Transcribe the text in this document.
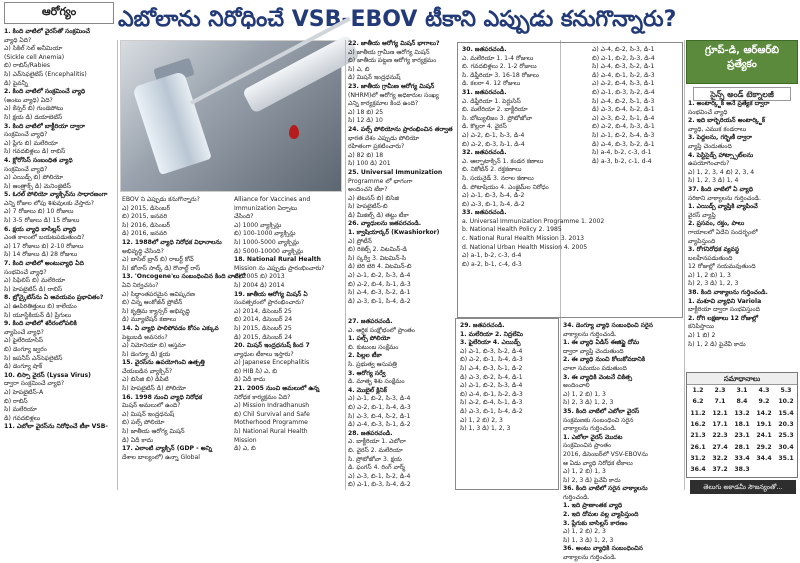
ఆరోగ్యం	ఎబోలాను నిరోధించే VSB-EBOV టీకాని ఎప్పుడు కనుగొన్నారు?
గ్రూప్-డి, ఆర్‌ఆర్‌బి
ప్రత్యేకం
సైన్స్ అండ్ టెక్నాలజీ

1. కింది వాటిలో వైరస్‌తో సంక్రమించే

వ్యాధి ఏది?

ఎ) సికిల్ సెల్ అనీమియా

(Sickle cell Anemia)

బి) రాబిస్/Rabies

సి) ఎన్‌సెఫలైటిస్ (Encephalitis)

డి) పైవన్నీ

2. కింది వాటిలో సంక్రమించే వ్యాధి

(అంటు వ్యాధి) ఏది?

ఎ) కేన్సర్ బి) గుండెపోటు

సి) క్షయ డి) డయాబెటిస్

3. కింది వాటిలో బాక్టీరియా ద్వారా

సంక్రమించే వ్యాధి?

ఎ) ప్లేగు బి) మలేరియా

సి) గవదబిళ్లలు డి) రాబిస్

4. క్లోరోసిస్ సంబంధిత వ్యాధి

సంక్రమించే వ్యాధి?

ఎ) ఎయిడ్స్ బి) పోలియో

సి) ఆంత్రాక్స్ డి) మెనింజైటిస్

5. ఓరల్ పోలియో వ్యాక్సిన్‌ను సాధారణంగా

ఎన్ని రోజుల లోపు శిశువులకు వేస్తారు?

ఎ) 7 రోజులు బి) 10 రోజులు

సి) 3-5 రోజులు డి) 15 రోజులు

6. క్షయ వ్యాధి బాసిల్లస్ వ్యాధి

ఎంత కాలంలో బయటపడుతుంది?

ఎ) 17 రోజులు బి) 2-10 రోజులు

సి) 14 రోజులు డి) 28 రోజులు

7. కింది వాటిలో అంటువ్యాధి ఏది

సంభవించే వ్యాధి?

ఎ) సిఫిలిస్ బి) మలేరియా

సి) హెపటైటిస్ డి) రాబిస్

8. బ్రోన్కైటిస్‌ను ఏ అవయవం ప్రభావితం?

ఎ) ఊపిరితిత్తులు బి) కాలేయం

సి) యూస్టేకియన్ డి) ప్రేగులు

9. కింది వాటిలో శరీరంలోపలికి

వ్యాపించే వ్యాధి?

ఎ) ఫైలేరియాసిస్

బి) డెంగ్యూ జ్వరం

సి) జపనీస్ ఎన్‌సెఫలైటిస్

డి) డెంగ్యూ షాక్

10. లిస్సా వైరస్ (Lyssa Virus)

ద్వారా సంక్రమించే వ్యాధి?

ఎ) హెపటైటిస్-A

బి) రాబిస్

సి) మలేరియా

డి) గవదబిళ్లలు

11. ఎబోలా వైరస్‌ను నిరోధించే టీకా VSB-

EBOV ని ఎప్పుడు కనుగొన్నారు?

ఎ) 2015, డిసెంబర్

బి) 2015, జనవరి

సి) 2016, డిసెంబర్

డి) 2016, జనవరి

12. 1988లో వ్యాధి నిరోధక విధానాలను

అభివృద్ధి చేసింది?

ఎ) బాసిల్ బ్రాన్ బి) రాబర్ట్ కోచ్

సి) జోనాస్ సాల్క్ డి) రొనాల్డ్ రాస్

13. 'Oncogene'లు సంబంధించిన కింది వాటిలో

ఏవి నిర్వచనం?

ఎ) సిద్ధాంతపరమైన ఆవిష్కరణ

బి) చిన్న ఆంకోజీన్ ప్రోటీన్

సి) కృత్రిమ క్యాన్సర్ అభివృద్ధి

డి) మ్యూటేషన్ కణాలు

14. ఏ వ్యాధి పాలిపోవడం కోసం ఎక్కువ

పెట్టుబడి అవసరం?

ఎ) నిమోనియా బి) ఆస్తమా

సి) డెంగ్యూ డి) క్షయ

15. వైరస్‌ను ఉపయోగించి ఉత్పత్తి

చేయబడిన వ్యాక్సిన్?

ఎ) బిసిజి బి) డిపిటి

సి) హెపటైటిస్ డి) పోలియో

16. 1998 నుంచి వ్యాధి నిరోధక

మిషన్ అమలులో ఉంది?

ఎ) మిషన్ ఇంద్రధనుష్

బి) పల్స్ పోలియో

సి) జాతీయ ఆరోగ్య మిషన్

డి) ఏదీ కాదు

17. ఎలాంటి వ్యాక్సిన్ (GDP - అన్ని

దేశాల బాల్యంలో) ఉన్నా Global

Alliance for Vaccines and

Immunization ఏర్పాటు

చేసింది?

ఎ) 1000 వ్యాక్సిన్లు

బి) 100-1000 వ్యాక్సిన్లు

సి) 1000-5000 వ్యాక్సిన్లు

డి) 5000-10000 వ్యాక్సిన్లు

18. National Rural Health

Mission ను ఎప్పుడు ప్రారంభించారు?

ఎ) 2005 బి) 2013

సి) 2004 డి) 2014

19. జాతీయ ఆరోగ్య మిషన్ ఏ

సంవత్సరంలో ప్రారంభించారు?

ఎ) 2014, డిసెంబర్ 25

బి) 2014, డిసెంబర్ 24

సి) 2015, డిసెంబర్ 25

డి) 2015, డిసెంబర్ 24

20. మిషన్ ఇంద్రధనుష్ కింద 7

వ్యాధుల టీకాలు ఇస్తారు?

ఎ) Japanese Encephalitis

బి) HIB సి) ఎ, బి

డి) ఏదీ కాదు

21. 2005 నుంచి అమలులో ఉన్న

నిరోధక కార్యక్రమం ఏది?

ఎ) Mission Indradhanush

బి) Chil Survival and Safe

Motherhood Programme

సి) National Rural Health

Mission

డి) ఎ, బి

22. జాతీయ ఆరోగ్య మిషన్ భాగాలు?

ఎ) జాతీయ గ్రామీణ ఆరోగ్య మిషన్

బి) జాతీయ పట్టణ ఆరోగ్య కార్యక్రమం

సి) ఎ, బి

డి) మిషన్ ఇంద్రధనుష్

23. జాతీయ గ్రామీణ ఆరోగ్య మిషన్

(NHRM)లో ఆరోగ్య అధికారుల సంఖ్య

ఎన్ని కార్యక్రమాల కింద ఉంది?

ఎ) 18 బి) 25

సి) 12 డి) 10

24. పల్స్ పోలియోను ప్రారంభించిన తర్వాత

భారత దేశం ఎప్పుడు పోలియో

రహితంగా ప్రకటించారు?

ఎ) 82 బి) 18

సి) 100 డి) 201

25. Universal Immunization

Programme లో భాగంగా

అందించని టీకా?

ఎ) టెటనస్ బి) బిసిజి

సి) హెపటైటిస్-బి

డి) మీజిల్స్ డి) తట్టు టీకా

26. వ్యాధులను జతపరచండి.

1. క్వాషియార్కర్ (Kwashiorkor)

ఎ) ప్రోటీన్

బి) రికెట్స్ 2. విటమిన్-డి

సి) స్కర్వీ 3. విటమిన్-సి

డి) బెరి బెరి 4. విటమిన్-బి

ఎ) ఎ-1, బి-2, సి-3, డి-4

బి) ఎ-2, బి-4, సి-1, డి-3

సి) ఎ-4, బి-3, సి-2, డి-1

డి) ఎ-3, బి-1, సి-4, డి-2

30. జతపరచండి.

ఎ. మలేరియా 1. 1-4 రోజులు

బి. గవదబిళ్లలు 2. 1-2 రోజులు

సి. డిఫ్తీరియా 3. 16-18 రోజులు

డి. కలరా 4. 12 రోజులు

31. జతపరచండి.

ఎ. డిఫ్తీరియా 1. పెర్టుసిస్

బి. మలేరియా 2. బాక్టీరియా

సి. బోట్యులిజం 3. ప్రోటోజోవా

డి. కొల్లరా 4. వైరస్

ఎ) ఎ-2, బి-1, సి-3, డి-4

బి) ఎ-2, బి-3, సి-1, డి-4

32. జతపరచండి.

ఎ. ఆల్ఫాటాక్సిన్ 1. కండర కణాలు

బి. నికోటిన్ 2. రక్తకణాలు

సి. సయనైడ్ 3. నరాల కణాలు

డి. పోటాషియం 4. ఎంజైమ్‌ల నిరోధం

ఎ) ఎ-1, బి-3, సి-4, డి-2

బి) ఎ-3, బి-1, సి-4, డి-2

33. జతపరచండి.

a. Universal Immunization Programme 1. 2002

b. National Health Policy 2. 1985

c. National Rural Health Mission 3. 2013

d. National Urban Health Mission 4. 2005

ఎ) a-1, b-2, c-3, d-4

బి) a-2, b-1, c-4, d-3

ఎ) ఎ-4, బి-2, సి-3, డి-1

బి) ఎ-1, బి-2, సి-3, డి-4

సి) ఎ-4, బి-3, సి-2, డి-1

డి) ఎ-4, బి-1, సి-2, డి-3

ఎ) ఎ-2, బి-4, సి-3, డి-1

బి) ఎ-1, బి-3, సి-2, డి-4

సి) ఎ-4, బి-2, సి-1, డి-3

డి) ఎ-3, బి-4, సి-2, డి-1

ఎ) ఎ-3, బి-2, సి-1, డి-4

బి) ఎ-2, బి-4, సి-3, డి-1

సి) ఎ-1, బి-2, సి-4, డి-3

డి) ఎ-4, బి-3, సి-2, డి-1

సి) a-4, b-2, c-3, d-1

డి) a-3, b-2, c-1, d-4

27. జతపరచండి.

ఎ. ఆర్థిక సంక్షోభంలో ప్రాంతం

1. పల్స్ పోలియో

బి. కుటుంబ సంక్షేమం

2. పిల్లల టీకా

సి. ప్రభుత్వ ఆసుపత్రి

3. ఆరోగ్య సర్వే

డి. మాతృ శిశు సంక్షేమం

4. మొబైల్ క్లినిక్

ఎ) ఎ-1, బి-2, సి-3, డి-4

బి) ఎ-2, బి-1, సి-4, డి-3

సి) ఎ-3, బి-4, సి-2, డి-1

డి) ఎ-4, బి-3, సి-1, డి-2

28. జతపరచండి.

ఎ. బాక్టీరియా 1. ఎబోలా

బి. వైరస్ 2. మలేరియా

సి. ప్రోటోజోవా 3. క్షయ

డి. ఫంగస్ 4. రింగ్ వార్మ్

ఎ) ఎ-3, బి-1, సి-2, డి-4

బి) ఎ-1, బి-3, సి-4, డి-2

29. జతపరచండి.

1. మలేరియా 2. నిద్రలేమి

3. ఫైలేరియా 4. ఎయిడ్స్

ఎ) ఎ-1, బి-3, సి-2, డి-4

బి) ఎ-2, బి-1, సి-4, డి-3

సి) ఎ-4, బి-3, సి-1, డి-2

డి) ఎ-3, బి-2, సి-4, డి-1

ఎ) ఎ-1, బి-2, సి-3, డి-4

బి) ఎ-4, బి-1, సి-2, డి-3

సి) ఎ-2, బి-4, సి-1, డి-3

డి) ఎ-3, బి-1, సి-4, డి-2

ఎ) 1, 2 బి) 2, 3

సి) 1, 3 డి) 1, 2, 3

34. డెంగ్యూ వ్యాధి సంబంధించి సరైన

వాక్యాలను గుర్తించండి.

1. ఈ వ్యాధి ఏడిస్ ఈజిప్టై దోమ

ద్వారా వ్యాప్తి చెందుతుంది

2. ఈ వ్యాధి నుంచి కోలుకోవడానికి

చాలా సమయం పడుతుంది

3. ఈ వ్యాధికి వెంటనే చికిత్స

అందించాలి

ఎ) 1, 2 బి) 1, 3

సి) 2, 3 డి) 1, 2, 3

35. కింది వాటిలో ఎబోలా వైరస్

సంక్రమణకు సంబంధించి సరైన

వాక్యాలను గుర్తించండి.

1. ఎబోలా వైరస్ మొదట

సంక్రమించిన ప్రాంతం

2016, డిసెంబర్‌లో VSV-EBOVను

ఆ ఏడు వ్యాధి నిరోధక టీకాలు

ఎ) 1, 2 బి) 1, 3

సి) 2, 3 డి) పైవేవీ కాదు

36. కింది వాటిలో సరైన వాక్యాలను

గుర్తించండి.

1. ఇది ప్రాణాంతక వ్యాధి

2. ఇది దోమల వల్ల వ్యాపిస్తుంది

3. ప్లేగుకు బాసిల్లస్ కారణం

ఎ) 1, 2 బి) 2, 3

సి) 1, 3 డి) 1, 2, 3

36. అంటు వ్యాధికి సంబంధించిన

వాక్యాలను గుర్తించండి.

1. అంటార్క్టిక్ అనే ప్రత్యేక ద్వారా

సంభవించే వ్యాధి

2. ఇది బార్బెరియన్ అంటార్క్టిక్

వ్యాధి, ఎముక కండరాలు

3. పెద్దలను, గర్భిణీ ద్వారా

వ్యాప్తి చెందుతుంది

4. పెస్టిసైడ్స్ హాట్స్పాట్‌లను

ఉపయోగించారు?

ఎ) 1, 2, 3, 4 బి) 2, 3, 4

సి) 1, 2, 3 డి) 1, 4

37. కింది వాటిలో ఏ వ్యాధి

సరికాని వాక్యాలను గుర్తించండి.

1. ఎయిడ్స్ వ్యాప్తికి వ్యాపించే

వైరస్ వ్యాప్తి

2. ప్రసవం, రక్తం, పాలు

గాయాలలో ఏదేని సందర్భంలో

వ్యాపిస్తుంది

3. రోగనిరోధక వ్యవస్థ

బలహీనపడుతుంది

12 రోజుల్లో నయమవుతుంది

ఎ) 1, 2 బి) 1, 3

సి) 2, 3 డి) 1, 2, 3

38. కింది వాక్యాలను గుర్తించండి.

1. మశూచి వ్యాధిని Variola

బాక్టీరియా ద్వారా సంభవిస్తుంది

2. రోగి లక్షణాలు 12 రోజుల్లో

కనిపిస్తాయి

ఎ) 1 బి) 2

సి) 1, 2 డి) పైవేవీ కాదు

సమాధానాలు
1.2	2.3	3.1	4.3	5.3
6.2	7.1	8.4	9.2	10.2
11.2	12.1	13.2	14.2	15.4
16.2	17.1	18.1	19.1	20.3
21.3	22.3	23.1	24.1	25.3
26.1	27.4	28.1	29.2	30.4
31.2	32.2	33.4	34.4	35.1
36.4	37.2	38.3		
తెలుగు అకాడమీ సౌజన్యంతో...
